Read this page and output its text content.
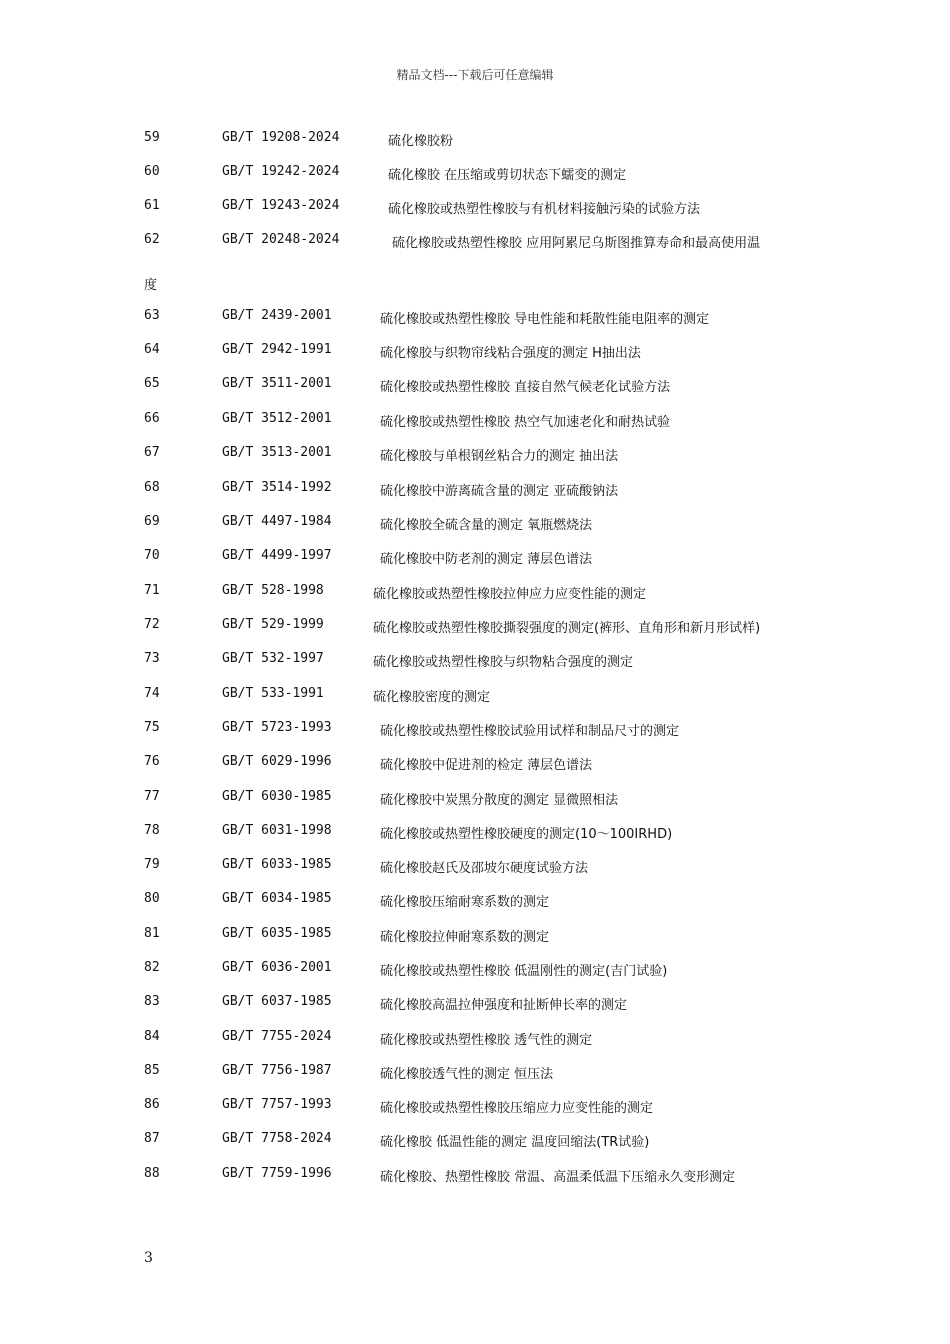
精品文档---下载后可任意编辑
59	GB/T 19208-2024	硫化橡胶粉
60	GB/T 19242-2024	硫化橡胶 在压缩或剪切状态下蠕变的测定
61	GB/T 19243-2024	硫化橡胶或热塑性橡胶与有机材料接触污染的试验方法
62	GB/T 20248-2024	硫化橡胶或热塑性橡胶 应用阿累尼乌斯图推算寿命和最高使用温
63	GB/T 2439-2001	硫化橡胶或热塑性橡胶 导电性能和耗散性能电阻率的测定
64	GB/T 2942-1991	硫化橡胶与织物帘线粘合强度的测定 H抽出法
65	GB/T 3511-2001	硫化橡胶或热塑性橡胶 直接自然气候老化试验方法
66	GB/T 3512-2001	硫化橡胶或热塑性橡胶 热空气加速老化和耐热试验
67	GB/T 3513-2001	硫化橡胶与单根钢丝粘合力的测定 抽出法
68	GB/T 3514-1992	硫化橡胶中游离硫含量的测定 亚硫酸钠法
69	GB/T 4497-1984	硫化橡胶全硫含量的测定 氧瓶燃烧法
70	GB/T 4499-1997	硫化橡胶中防老剂的测定 薄层色谱法
71	GB/T 528-1998	硫化橡胶或热塑性橡胶拉伸应力应变性能的测定
72	GB/T 529-1999	硫化橡胶或热塑性橡胶撕裂强度的测定(裤形、直角形和新月形试样)
73	GB/T 532-1997	硫化橡胶或热塑性橡胶与织物粘合强度的测定
74	GB/T 533-1991	硫化橡胶密度的测定
75	GB/T 5723-1993	硫化橡胶或热塑性橡胶试验用试样和制品尺寸的测定
76	GB/T 6029-1996	硫化橡胶中促进剂的检定 薄层色谱法
77	GB/T 6030-1985	硫化橡胶中炭黑分散度的测定 显微照相法
78	GB/T 6031-1998	硫化橡胶或热塑性橡胶硬度的测定(10～100IRHD)
79	GB/T 6033-1985	硫化橡胶赵氏及邵坡尔硬度试验方法
80	GB/T 6034-1985	硫化橡胶压缩耐寒系数的测定
81	GB/T 6035-1985	硫化橡胶拉伸耐寒系数的测定
82	GB/T 6036-2001	硫化橡胶或热塑性橡胶 低温刚性的测定(吉门试验)
83	GB/T 6037-1985	硫化橡胶高温拉伸强度和扯断伸长率的测定
84	GB/T 7755-2024	硫化橡胶或热塑性橡胶 透气性的测定
85	GB/T 7756-1987	硫化橡胶透气性的测定 恒压法
86	GB/T 7757-1993	硫化橡胶或热塑性橡胶压缩应力应变性能的测定
87	GB/T 7758-2024	硫化橡胶 低温性能的测定 温度回缩法(TR试验)
88	GB/T 7759-1996	硫化橡胶、热塑性橡胶 常温、高温柔低温下压缩永久变形测定
度
3
